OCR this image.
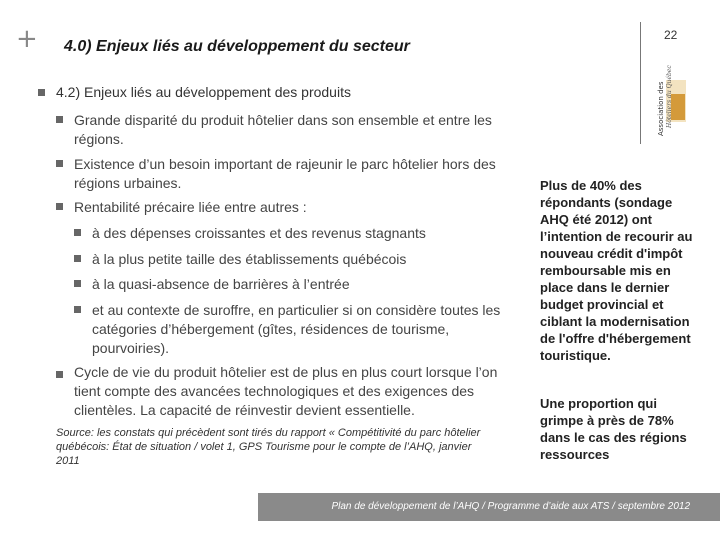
+ 4.0) Enjeux liés au développement du secteur
22
Association des Hôteliers du Québec
4.2) Enjeux liés au développement des produits
Grande disparité du produit hôtelier dans son ensemble et entre les régions.
Existence d’un besoin important de rajeunir le parc hôtelier hors des régions urbaines.
Rentabilité précaire liée entre autres :
à des dépenses croissantes et des revenus stagnants
à la plus petite taille des établissements québécois
à la quasi-absence de barrières à l’entrée
et au contexte de suroffre, en particulier si on considère toutes les catégories d’hébergement (gîtes, résidences de tourisme, pourvoiries).
Cycle de vie du produit hôtelier est de plus en plus court lorsque l’on tient compte des avancées technologiques et des exigences des clientèles. La capacité de réinvestir devient essentielle.
Source: les constats qui précèdent sont tirés du rapport « Compétitivité du parc hôtelier québécois: État de situation / volet 1, GPS Tourisme pour le compte de l’AHQ, janvier 2011
Plus de 40% des répondants (sondage AHQ été 2012) ont l’intention de recourir au nouveau crédit d'impôt remboursable mis en place dans le dernier budget provincial et ciblant la modernisation de l'offre d'hébergement touristique.
Une proportion qui grimpe à près de 78% dans le cas des régions ressources
Plan de développement de l’AHQ / Programme d’aide aux ATS / septembre 2012
